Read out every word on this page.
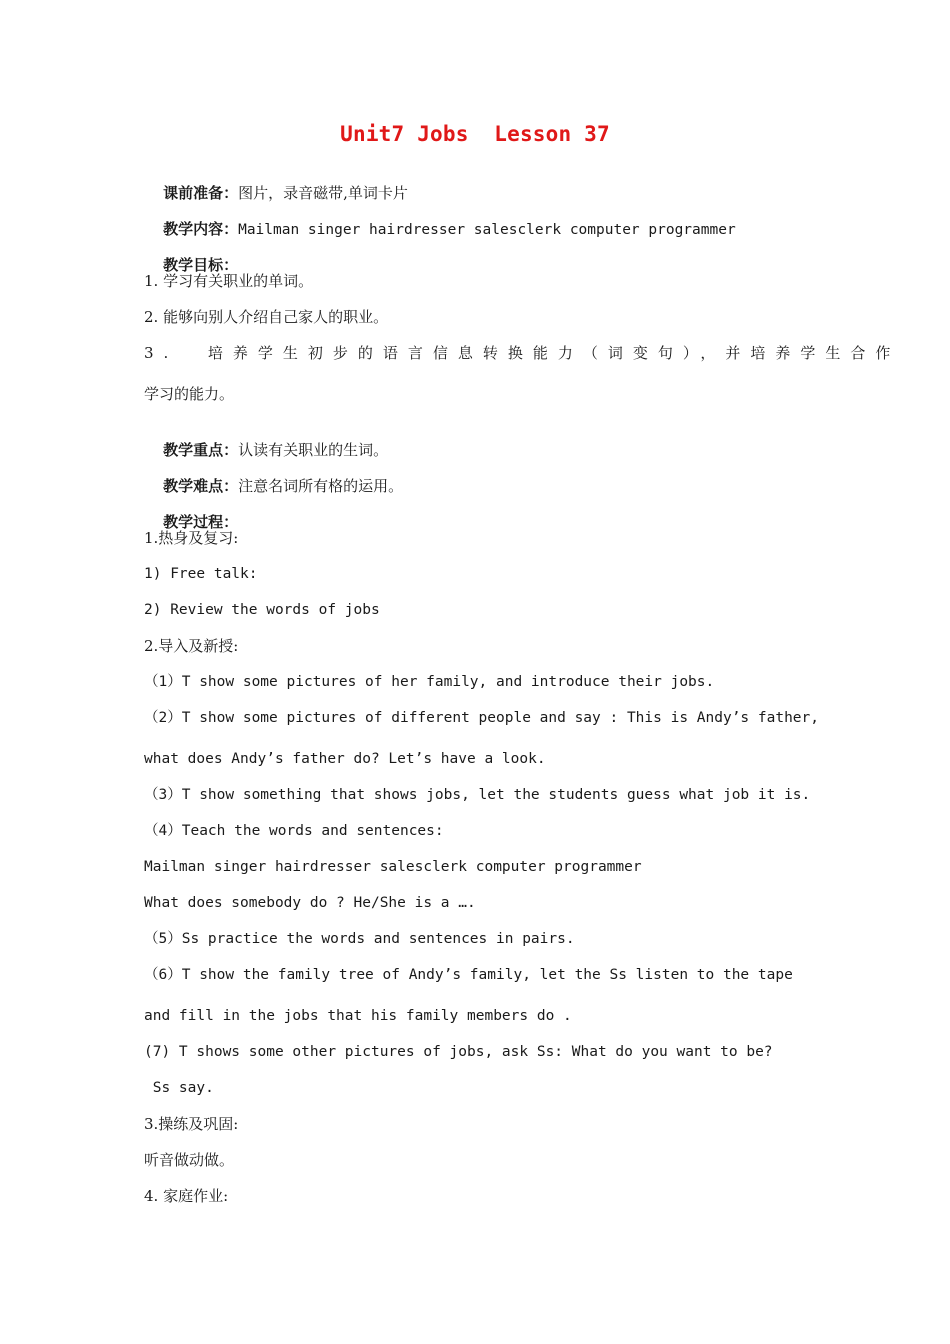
Unit7 Jobs  Lesson 37

课前准备：图片，录音磁带,单词卡片

教学内容：Mailman singer hairdresser salesclerk computer programmer

教学目标：

1. 学习有关职业的单词。
2. 能够向别人介绍自己家人的职业。
3.  培养学生初步的语言信息转换能力（词变句），并培养学生合作
学习的能力。

教学重点：认读有关职业的生词。

教学难点：注意名词所有格的运用。

教学过程：

1.热身及复习:
1) Free talk:
2) Review the words of jobs
2.导入及新授:
（1）T show some pictures of her family, and introduce their jobs.
（2）T show some pictures of different people and say : This is Andy’s father,
what does Andy’s father do? Let’s have a look.
（3）T show something that shows jobs, let the students guess what job it is.
（4）Teach the words and sentences:
Mailman singer hairdresser salesclerk computer programmer
What does somebody do ? He/She is a ….
（5）Ss practice the words and sentences in pairs.
（6）T show the family tree of Andy’s family, let the Ss listen to the tape
and fill in the jobs that his family members do .
(7) T shows some other pictures of jobs, ask Ss: What do you want to be?
Ss say.
3.操练及巩固:
听音做动做。
4. 家庭作业:
